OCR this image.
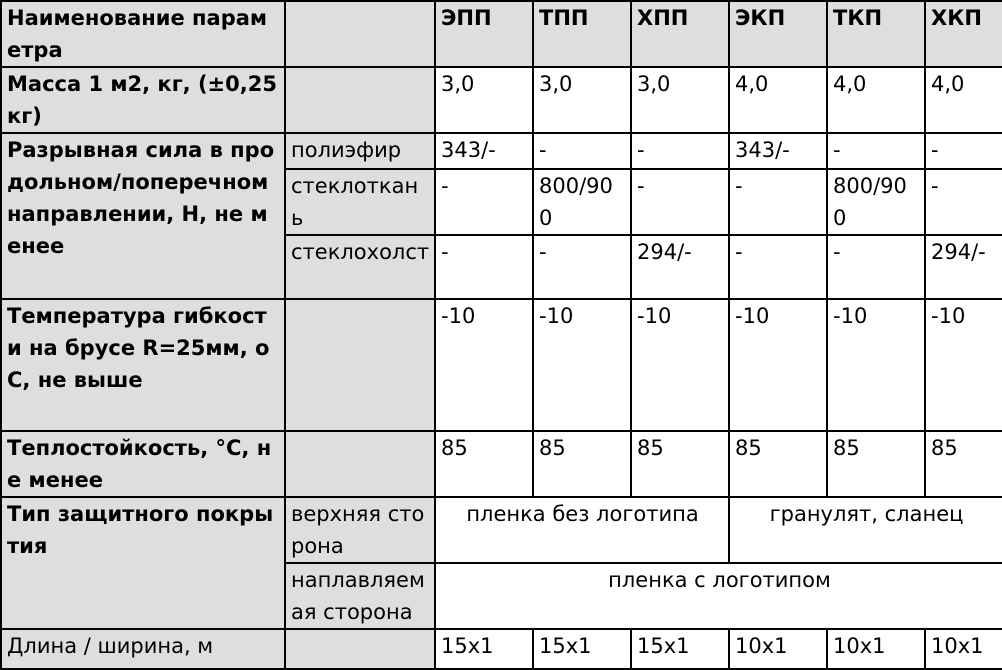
Наименование параметра		ЭПП	ТПП	ХПП	ЭКП	ТКП	ХКП
Масса 1 м2, кг, (±0,25 кг)		3,0	3,0	3,0	4,0	4,0	4,0
Разрывная сила в продольном/поперечном направлении, Н, не менее	полиэфир	343/-	-	-	343/-	-	-
	стеклоткань	-	800/900	-	-	800/900	-
	стеклохолст	-	-	294/-	-	-	294/-
Температура гибкости на брусе R=25мм, оС, не выше		-10	-10	-10	-10	-10	-10
Теплостойкость, °С, не менее		85	85	85	85	85	85
Тип защитного покрытия	верхняя сторона	пленка без логотипа			гранулят, сланец		
	наплавляемая сторона	пленка с логотипом					
Длина / ширина, м		15x1	15x1	15x1	10x1	10x1	10x1
